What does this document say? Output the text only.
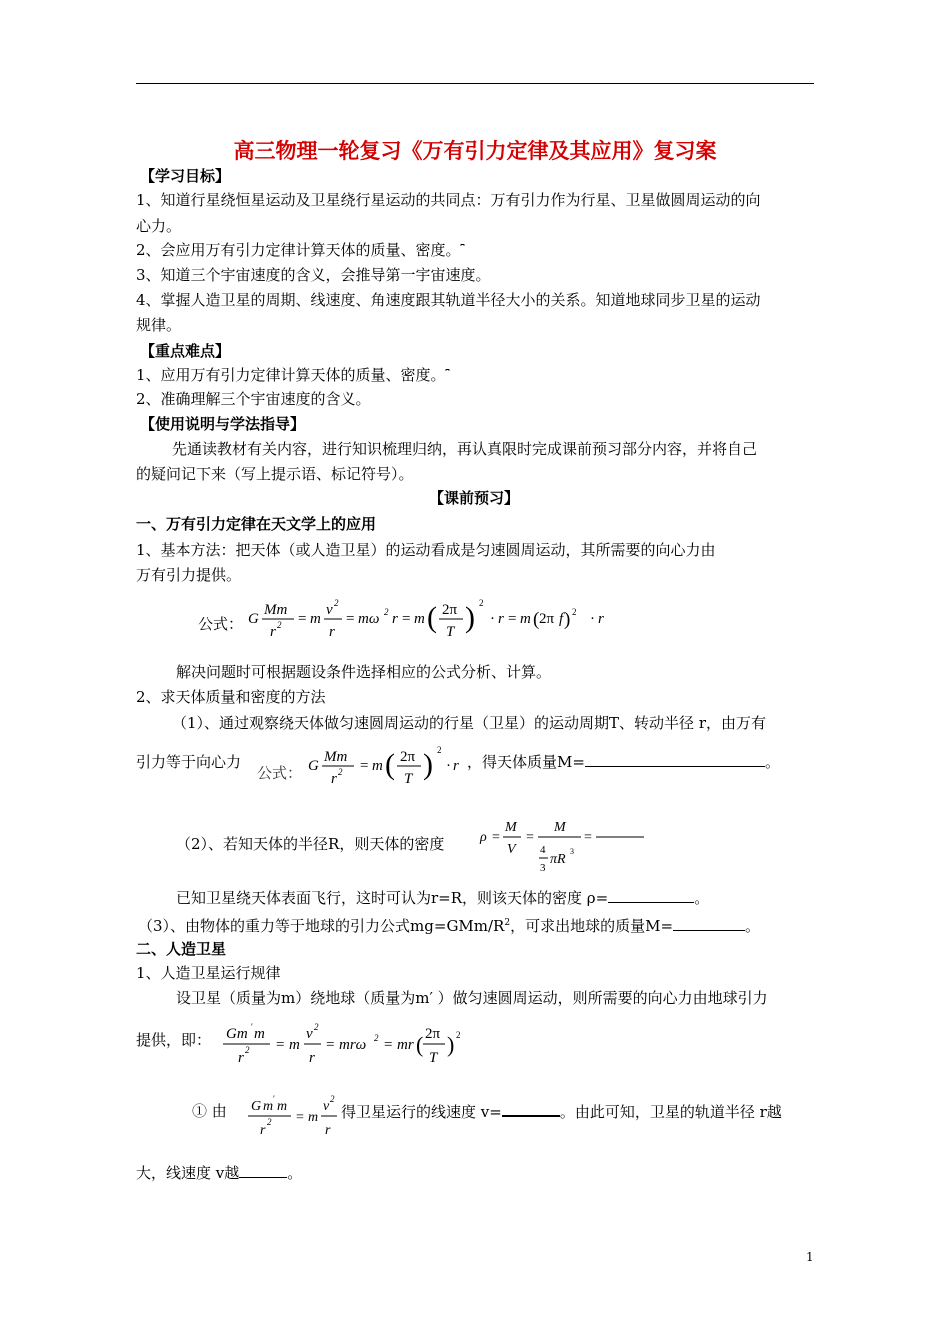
高三物理一轮复习《万有引力定律及其应用》复习案
【学习目标】
1、知道行星绕恒星运动及卫星绕行星运动的共同点：万有引力作为行星、卫星做圆周运动的向
心力。
2、会应用万有引力定律计算天体的质量、密度。⎴
3、知道三个宇宙速度的含义，会推导第一宇宙速度。
4、掌握人造卫星的周期、线速度、角速度跟其轨道半径大小的关系。知道地球同步卫星的运动
规律。
【重点难点】
1、应用万有引力定律计算天体的质量、密度。⎴
2、准确理解三个宇宙速度的含义。
【使用说明与学法指导】
先通读教材有关内容，进行知识梳理归纳，再认真限时完成课前预习部分内容，并将自己
的疑问记下来（写上提示语、标记符号）。
【课前预习】
一、万有引力定律在天文学上的应用
1、基本方法：把天体（或人造卫星）的运动看成是匀速圆周运动，其所需要的向心力由
万有引力提供。
公式： G
Mm
r 2 = m
v 2
r
= mω 2 r = m ( 2π
T ) 2
· r = m ( 2π f ) 2 · r
解决问题时可根据题设条件选择相应的公式分析、计算。
2、求天体质量和密度的方法
（1）、通过观察绕天体做匀速圆周运动的行星（卫星）的运动周期T、转动半径 r，由万有
引力等于向心力
公式： G
Mm
r 2 = m ( 2π
T ) 2
· r ，得天体质量M=	。
（2）、若知天体的半径R，则天体的密度	ρ =
M
V
=
M
4
3
πR
3
=
已知卫星绕天体表面飞行，这时可认为r=R，则该天体的密度 ρ=	。
（3）、由物体的重力等于地球的引力公式$mg=GMm/R^2$，可求出地球的质量M=	。
二、人造卫星
1、人造卫星运行规律
设卫星（质量为m）绕地球（质量为m′ ）做匀速圆周运动，则所需要的向心力由地球引力
提供，即： Gm ′ m
r 2 = m
v 2
r
= mrω 2 = mr ( 2π
T
) 2
① 由 G m ′ m
r
2 = m
v 2
r
得卫星运行的线速度 v=	。由此可知，卫星的轨道半径 r越
大，线速度 v越	。
1
